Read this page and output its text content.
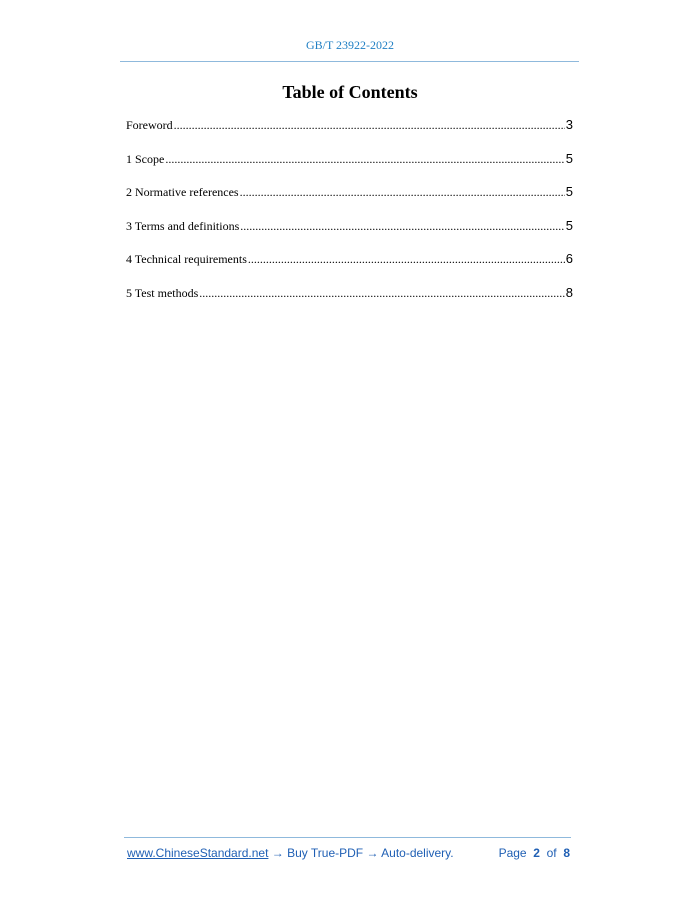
GB/T 23922-2022
Table of Contents
Foreword .....	3
1 Scope .....	5
2 Normative references .....	5
3 Terms and definitions .....	5
4 Technical requirements .....	6
5 Test methods .....	8
www.ChineseStandard.net → Buy True-PDF → Auto-delivery.	Page 2 of 8
